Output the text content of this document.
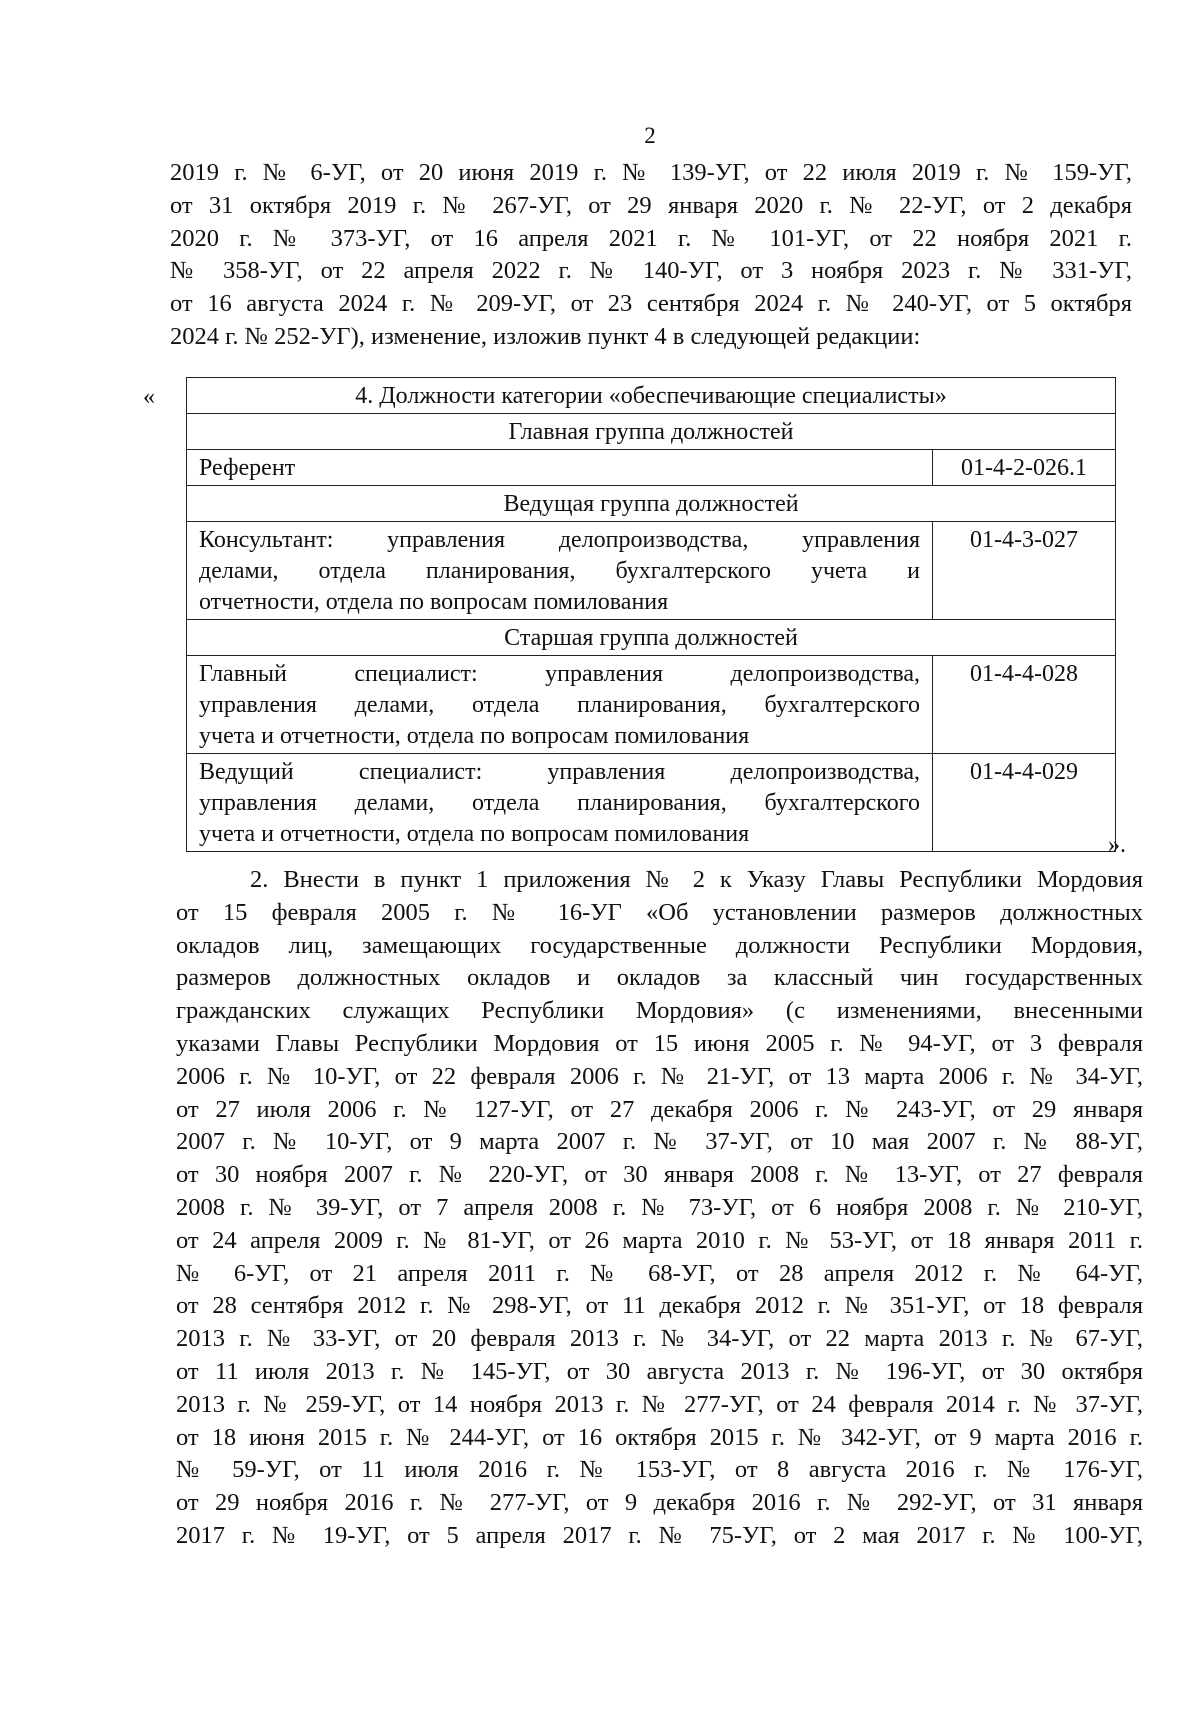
2
2019 г. № 6-УГ, от 20 июня 2019 г. № 139-УГ, от 22 июля 2019 г. № 159-УГ,
от 31 октября 2019 г. № 267-УГ, от 29 января 2020 г. № 22-УГ, от 2 декабря
2020 г. № 373-УГ, от 16 апреля 2021 г. № 101-УГ, от 22 ноября 2021 г.
№ 358-УГ, от 22 апреля 2022 г. № 140-УГ, от 3 ноября 2023 г. № 331-УГ,
от 16 августа 2024 г. № 209-УГ, от 23 сентября 2024 г. № 240-УГ, от 5 октября
2024 г. № 252-УГ), изменение, изложив пункт 4 в следующей редакции:
«	4. Должности категории «обеспечивающие специалисты»	
Главная группа должностей	
Референт	01-4-2-026.1
Ведущая группа должностей	

Консультант: управления делопроизводства, управления
делами, отдела планирования, бухгалтерского учета и
отчетности, отдела по вопросам помилования	01-4-3-027
Старшая группа должностей	

Главный специалист: управления делопроизводства,
управления делами, отдела планирования, бухгалтерского
учета и отчетности, отдела по вопросам помилования	01-4-4-028

Ведущий специалист: управления делопроизводства,
управления делами, отдела планирования, бухгалтерского
учета и отчетности, отдела по вопросам помилования	01-4-4-029
».
2. Внести в пункт 1 приложения № 2 к Указу Главы Республики Мордовия
от 15 февраля 2005 г. № 16-УГ «Об установлении размеров должностных
окладов лиц, замещающих государственные должности Республики Мордовия,
размеров должностных окладов и окладов за классный чин государственных
гражданских служащих Республики Мордовия» (с изменениями, внесенными
указами Главы Республики Мордовия от 15 июня 2005 г. № 94-УГ, от 3 февраля
2006 г. № 10-УГ, от 22 февраля 2006 г. № 21-УГ, от 13 марта 2006 г. № 34-УГ,
от 27 июля 2006 г. № 127-УГ, от 27 декабря 2006 г. № 243-УГ, от 29 января
2007 г. № 10-УГ, от 9 марта 2007 г. № 37-УГ, от 10 мая 2007 г. № 88-УГ,
от 30 ноября 2007 г. № 220-УГ, от 30 января 2008 г. № 13-УГ, от 27 февраля
2008 г. № 39-УГ, от 7 апреля 2008 г. № 73-УГ, от 6 ноября 2008 г. № 210-УГ,
от 24 апреля 2009 г. № 81-УГ, от 26 марта 2010 г. № 53-УГ, от 18 января 2011 г.
№ 6-УГ, от 21 апреля 2011 г. № 68-УГ, от 28 апреля 2012 г. № 64-УГ,
от 28 сентября 2012 г. № 298-УГ, от 11 декабря 2012 г. № 351-УГ, от 18 февраля
2013 г. № 33-УГ, от 20 февраля 2013 г. № 34-УГ, от 22 марта 2013 г. № 67-УГ,
от 11 июля 2013 г. № 145-УГ, от 30 августа 2013 г. № 196-УГ, от 30 октября
2013 г. № 259-УГ, от 14 ноября 2013 г. № 277-УГ, от 24 февраля 2014 г. № 37-УГ,
от 18 июня 2015 г. № 244-УГ, от 16 октября 2015 г. № 342-УГ, от 9 марта 2016 г.
№ 59-УГ, от 11 июля 2016 г. № 153-УГ, от 8 августа 2016 г. № 176-УГ,
от 29 ноября 2016 г. № 277-УГ, от 9 декабря 2016 г. № 292-УГ, от 31 января
2017 г. № 19-УГ, от 5 апреля 2017 г. № 75-УГ, от 2 мая 2017 г. № 100-УГ,
